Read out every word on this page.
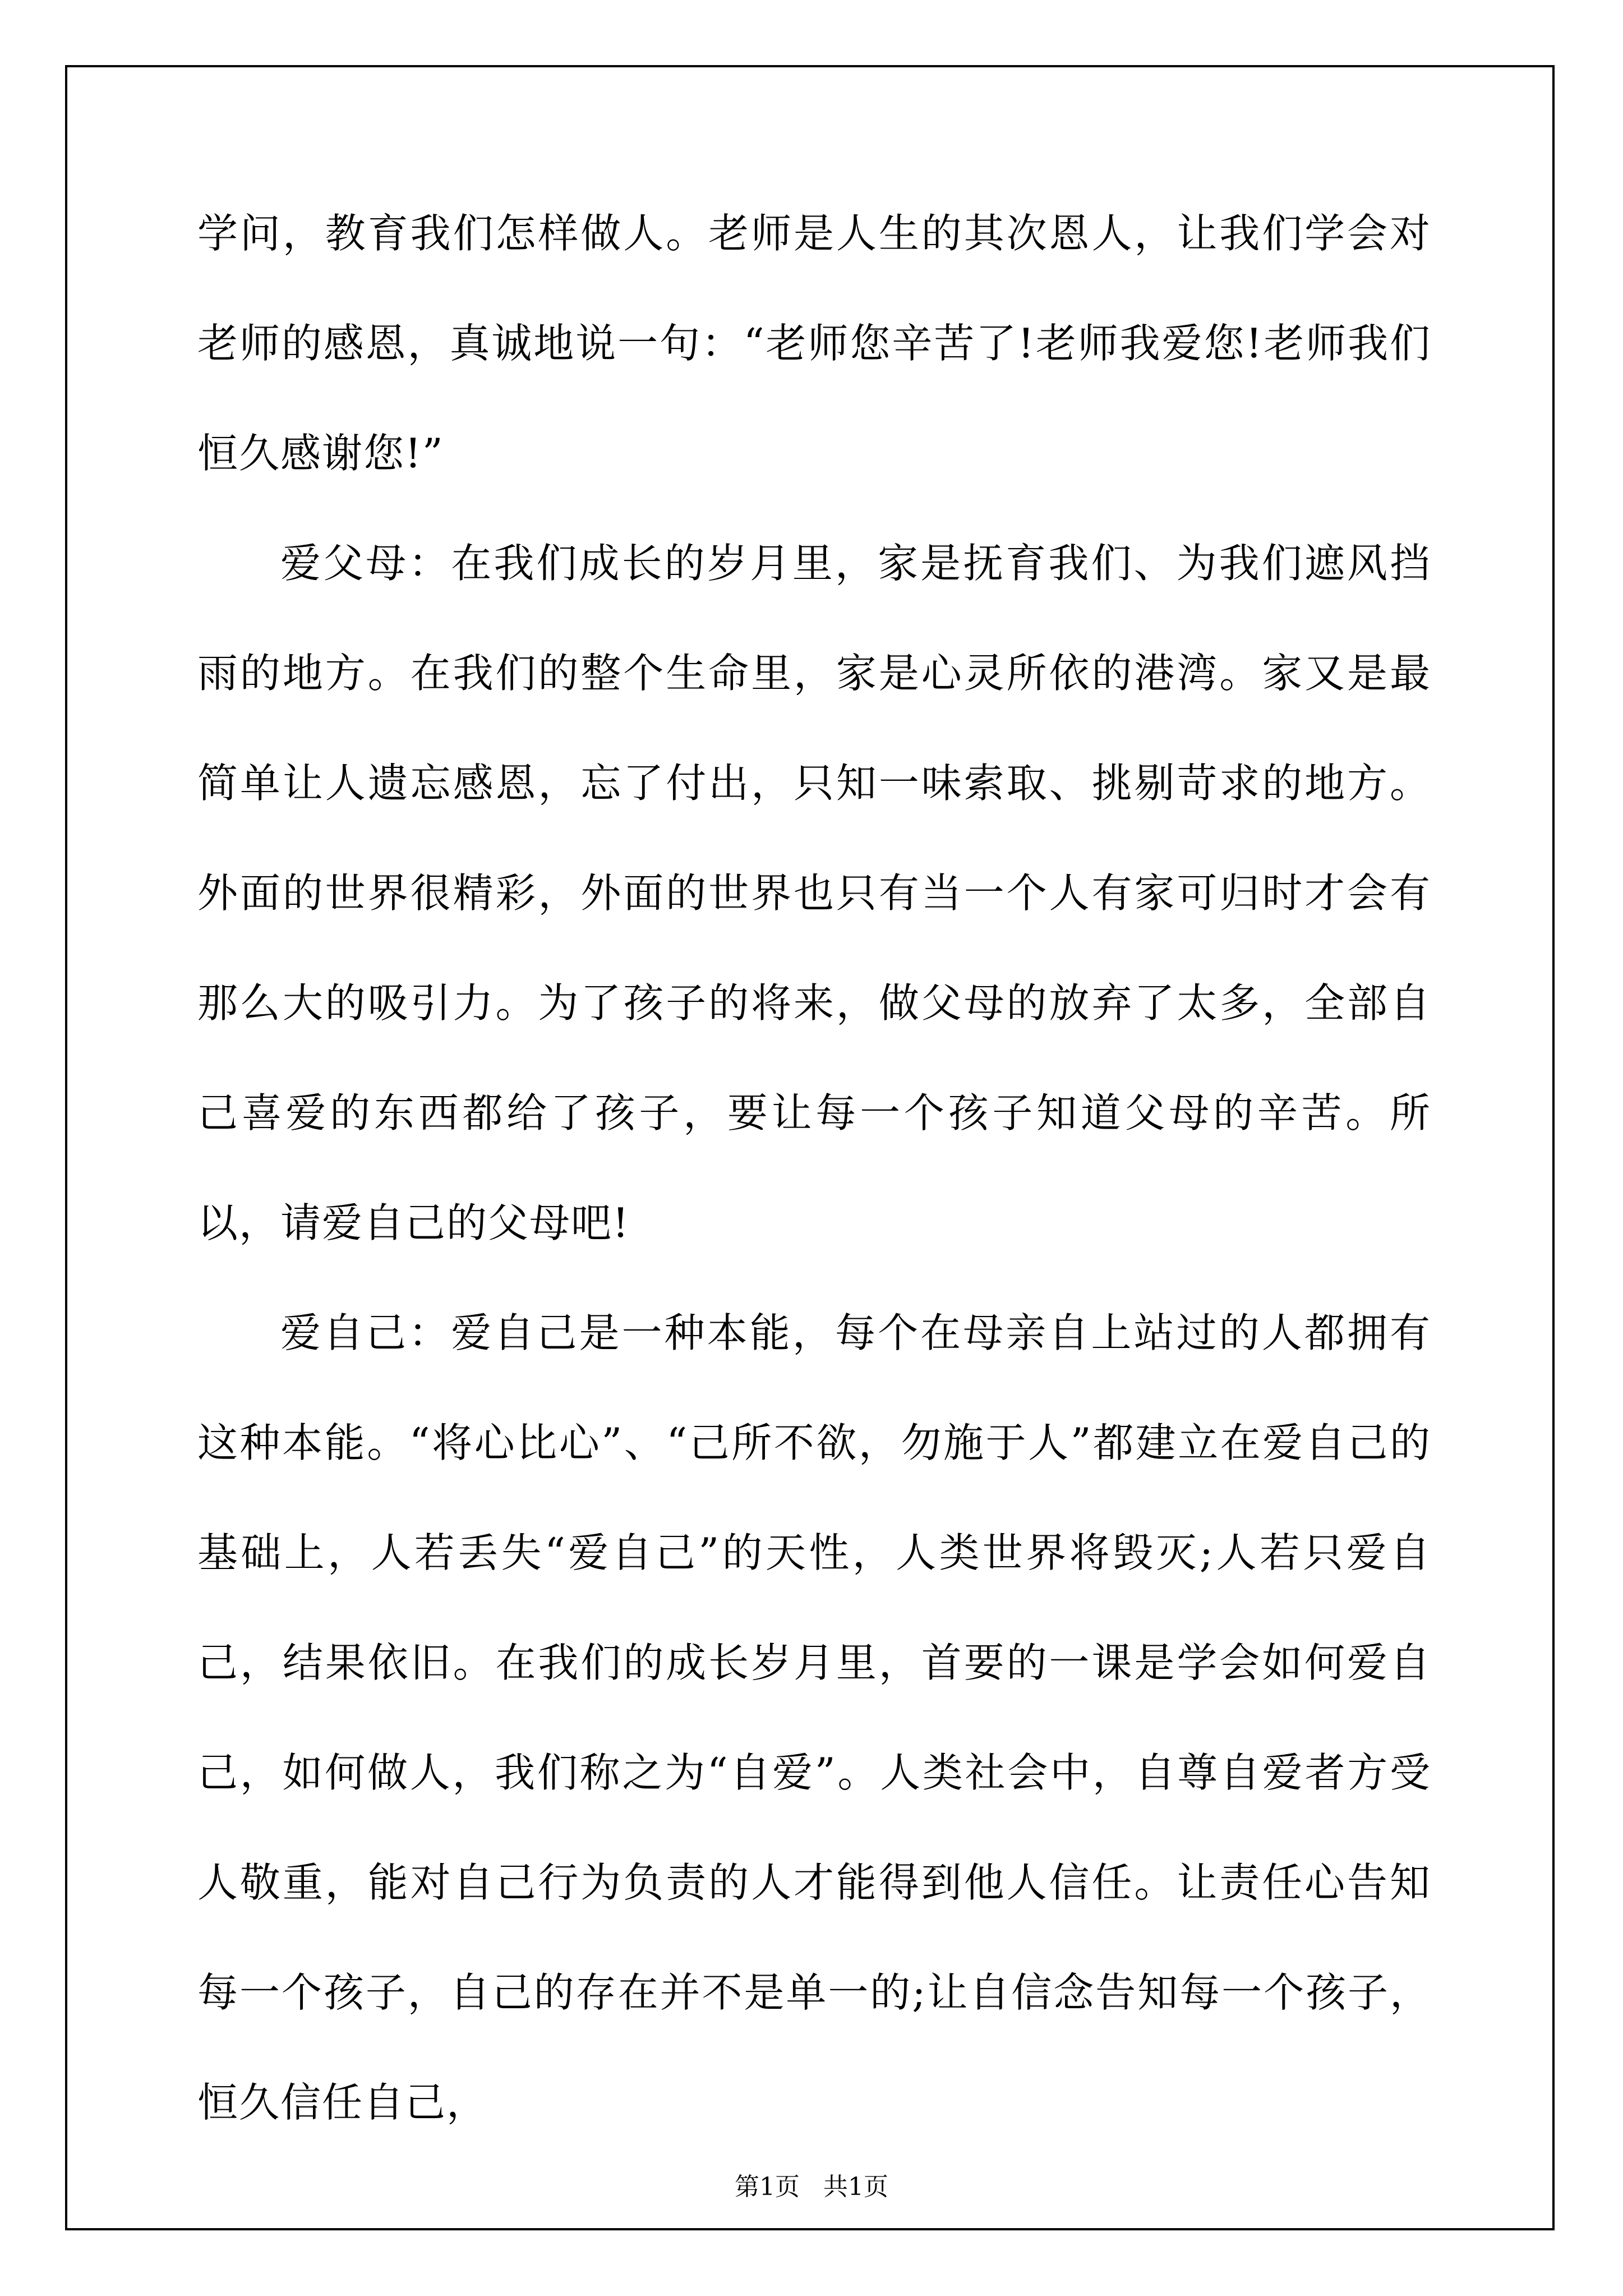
学问，教育我们怎样做人。老师是人生的其次恩人，让我们学会对老师的感恩，真诚地说一句：“老师您辛苦了!老师我爱您!老师我们恒久感谢您!”

爱父母：在我们成长的岁月里，家是抚育我们、为我们遮风挡雨的地方。在我们的整个生命里，家是心灵所依的港湾。家又是最简单让人遗忘感恩，忘了付出，只知一味索取、挑剔苛求的地方。外面的世界很精彩，外面的世界也只有当一个人有家可归时才会有那么大的吸引力。为了孩子的将来，做父母的放弃了太多，全部自己喜爱的东西都给了孩子，要让每一个孩子知道父母的辛苦。所以，请爱自己的父母吧!

爱自己：爱自己是一种本能，每个在母亲自上站过的人都拥有这种本能。“将心比心”、“己所不欲，勿施于人”都建立在爱自己的基础上，人若丢失“爱自己”的天性，人类世界将毁灭;人若只爱自己，结果依旧。在我们的成长岁月里，首要的一课是学会如何爱自己，如何做人，我们称之为“自爱”。人类社会中，自尊自爱者方受人敬重，能对自己行为负责的人才能得到他人信任。让责任心告知每一个孩子，自己的存在并不是单一的;让自信念告知每一个孩子，恒久信任自己，

第1页   共1页
